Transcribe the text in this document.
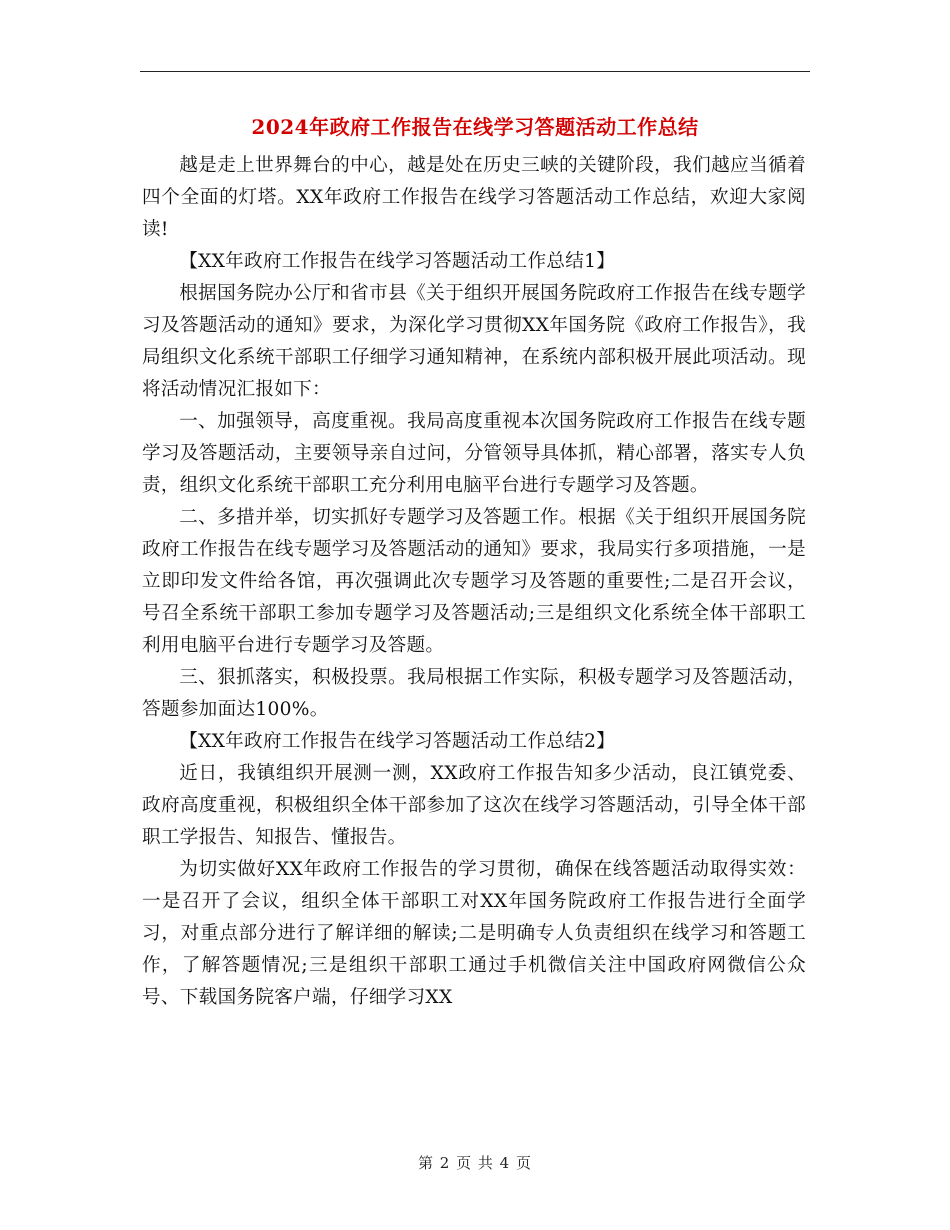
2024年政府工作报告在线学习答题活动工作总结

越是走上世界舞台的中心，越是处在历史三峡的关键阶段，我们越应当循着四个全面的灯塔。XX年政府工作报告在线学习答题活动工作总结，欢迎大家阅读!

【XX年政府工作报告在线学习答题活动工作总结1】

根据国务院办公厅和省市县《关于组织开展国务院政府工作报告在线专题学习及答题活动的通知》要求，为深化学习贯彻XX年国务院《政府工作报告》，我局组织文化系统干部职工仔细学习通知精神，在系统内部积极开展此项活动。现将活动情况汇报如下：

一、加强领导，高度重视。我局高度重视本次国务院政府工作报告在线专题学习及答题活动，主要领导亲自过问，分管领导具体抓，精心部署，落实专人负责，组织文化系统干部职工充分利用电脑平台进行专题学习及答题。

二、多措并举，切实抓好专题学习及答题工作。根据《关于组织开展国务院政府工作报告在线专题学习及答题活动的通知》要求，我局实行多项措施，一是立即印发文件给各馆，再次强调此次专题学习及答题的重要性;二是召开会议，号召全系统干部职工参加专题学习及答题活动;三是组织文化系统全体干部职工利用电脑平台进行专题学习及答题。

三、狠抓落实，积极投票。我局根据工作实际，积极专题学习及答题活动，答题参加面达100%。

【XX年政府工作报告在线学习答题活动工作总结2】

近日，我镇组织开展测一测，XX政府工作报告知多少活动，良江镇党委、政府高度重视，积极组织全体干部参加了这次在线学习答题活动，引导全体干部职工学报告、知报告、懂报告。

为切实做好XX年政府工作报告的学习贯彻，确保在线答题活动取得实效：一是召开了会议，组织全体干部职工对XX年国务院政府工作报告进行全面学习，对重点部分进行了解详细的解读;二是明确专人负责组织在线学习和答题工作，了解答题情况;三是组织干部职工通过手机微信关注中国政府网微信公众号、下载国务院客户端，仔细学习XX

第 2 页 共 4 页
